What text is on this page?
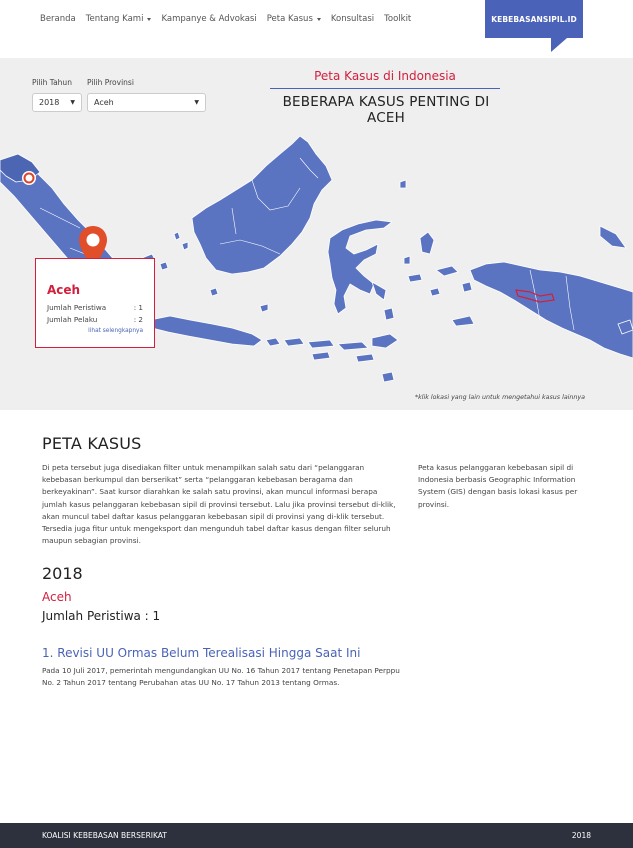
Beranda Tentang Kami Kampanye & Advokasi Peta Kasus Konsultasi Toolkit	KEBEBASANSIPIL.ID
Pilih Tahun
2018 ▼
Pilih Provinsi
Aceh	▼
Peta Kasus di Indonesia
BEBERAPA KASUS PENTING DI ACEH
Aceh
Jumlah Peristiwa	: 1
Jumlah Pelaku	: 2
lihat selengkapnya
*klik lokasi yang lain untuk mengetahui kasus lainnya
PETA KASUS
Di peta tersebut juga disediakan filter untuk menampilkan salah satu dari “pelanggaran kebebasan berkumpul dan berserikat” serta “pelanggaran kebebasan beragama dan berkeyakinan”. Saat kursor diarahkan ke salah satu provinsi, akan muncul informasi berapa jumlah kasus pelanggaran kebebasan sipil di provinsi tersebut. Lalu jika provinsi tersebut di-klik, akan muncul tabel daftar kasus pelanggaran kebebasan sipil di provinsi yang di-klik tersebut. Tersedia juga fitur untuk mengeksport dan mengunduh tabel daftar kasus dengan filter seluruh maupun sebagian provinsi.
Peta kasus pelanggaran kebebasan sipil di Indonesia berbasis Geographic Information System (GIS) dengan basis lokasi kasus per provinsi.
2018
Aceh
Jumlah Peristiwa : 1
1. Revisi UU Ormas Belum Terealisasi Hingga Saat Ini
Pada 10 Juli 2017, pemerintah mengundangkan UU No. 16 Tahun 2017 tentang Penetapan Perppu No. 2 Tahun 2017 tentang Perubahan atas UU No. 17 Tahun 2013 tentang Ormas.
KOALISI KEBEBASAN BERSERIKAT	2018
